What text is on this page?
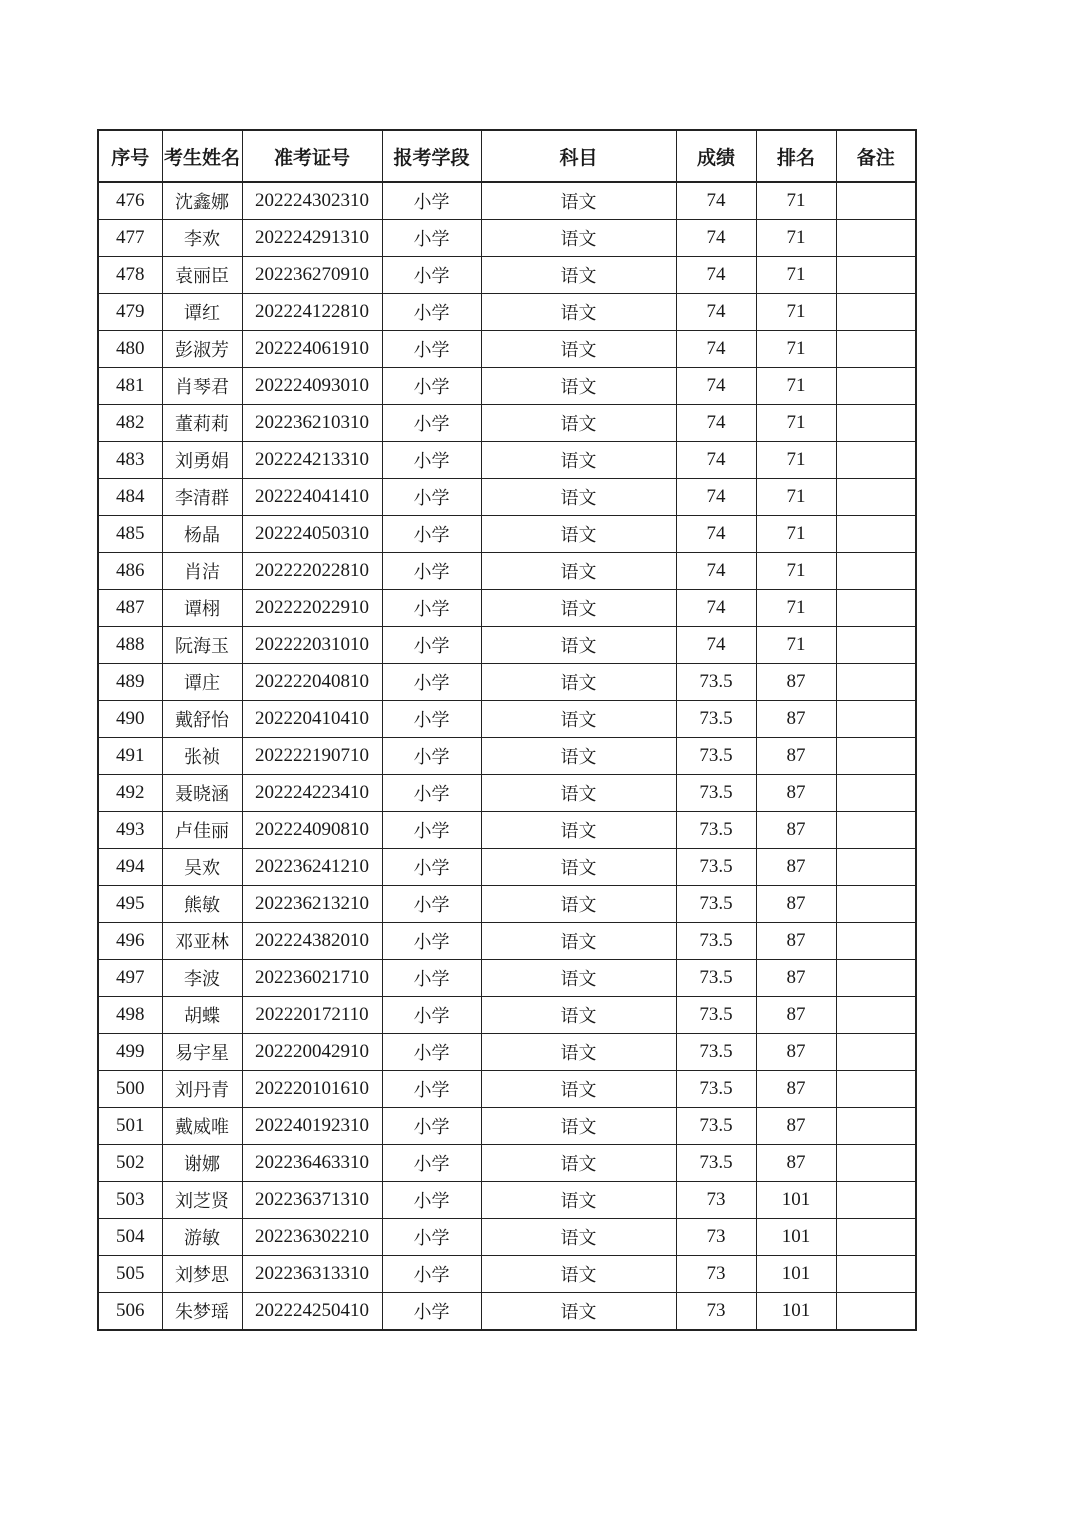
序号	考生姓名	准考证号	报考学段	科目	成绩	排名	备注
476	沈鑫娜	202224302310	小学	语文	74	71	
477	李欢	202224291310	小学	语文	74	71	
478	袁丽臣	202236270910	小学	语文	74	71	
479	谭红	202224122810	小学	语文	74	71	
480	彭淑芳	202224061910	小学	语文	74	71	
481	肖琴君	202224093010	小学	语文	74	71	
482	董莉莉	202236210310	小学	语文	74	71	
483	刘勇娟	202224213310	小学	语文	74	71	
484	李清群	202224041410	小学	语文	74	71	
485	杨晶	202224050310	小学	语文	74	71	
486	肖洁	202222022810	小学	语文	74	71	
487	谭栩	202222022910	小学	语文	74	71	
488	阮海玉	202222031010	小学	语文	74	71	
489	谭庄	202222040810	小学	语文	73.5	87	
490	戴舒怡	202220410410	小学	语文	73.5	87	
491	张祯	202222190710	小学	语文	73.5	87	
492	聂晓涵	202224223410	小学	语文	73.5	87	
493	卢佳丽	202224090810	小学	语文	73.5	87	
494	吴欢	202236241210	小学	语文	73.5	87	
495	熊敏	202236213210	小学	语文	73.5	87	
496	邓亚林	202224382010	小学	语文	73.5	87	
497	李波	202236021710	小学	语文	73.5	87	
498	胡蝶	202220172110	小学	语文	73.5	87	
499	易宇星	202220042910	小学	语文	73.5	87	
500	刘丹青	202220101610	小学	语文	73.5	87	
501	戴威唯	202240192310	小学	语文	73.5	87	
502	谢娜	202236463310	小学	语文	73.5	87	
503	刘芝贤	202236371310	小学	语文	73	101	
504	游敏	202236302210	小学	语文	73	101	
505	刘梦思	202236313310	小学	语文	73	101	
506	朱梦瑶	202224250410	小学	语文	73	101	
